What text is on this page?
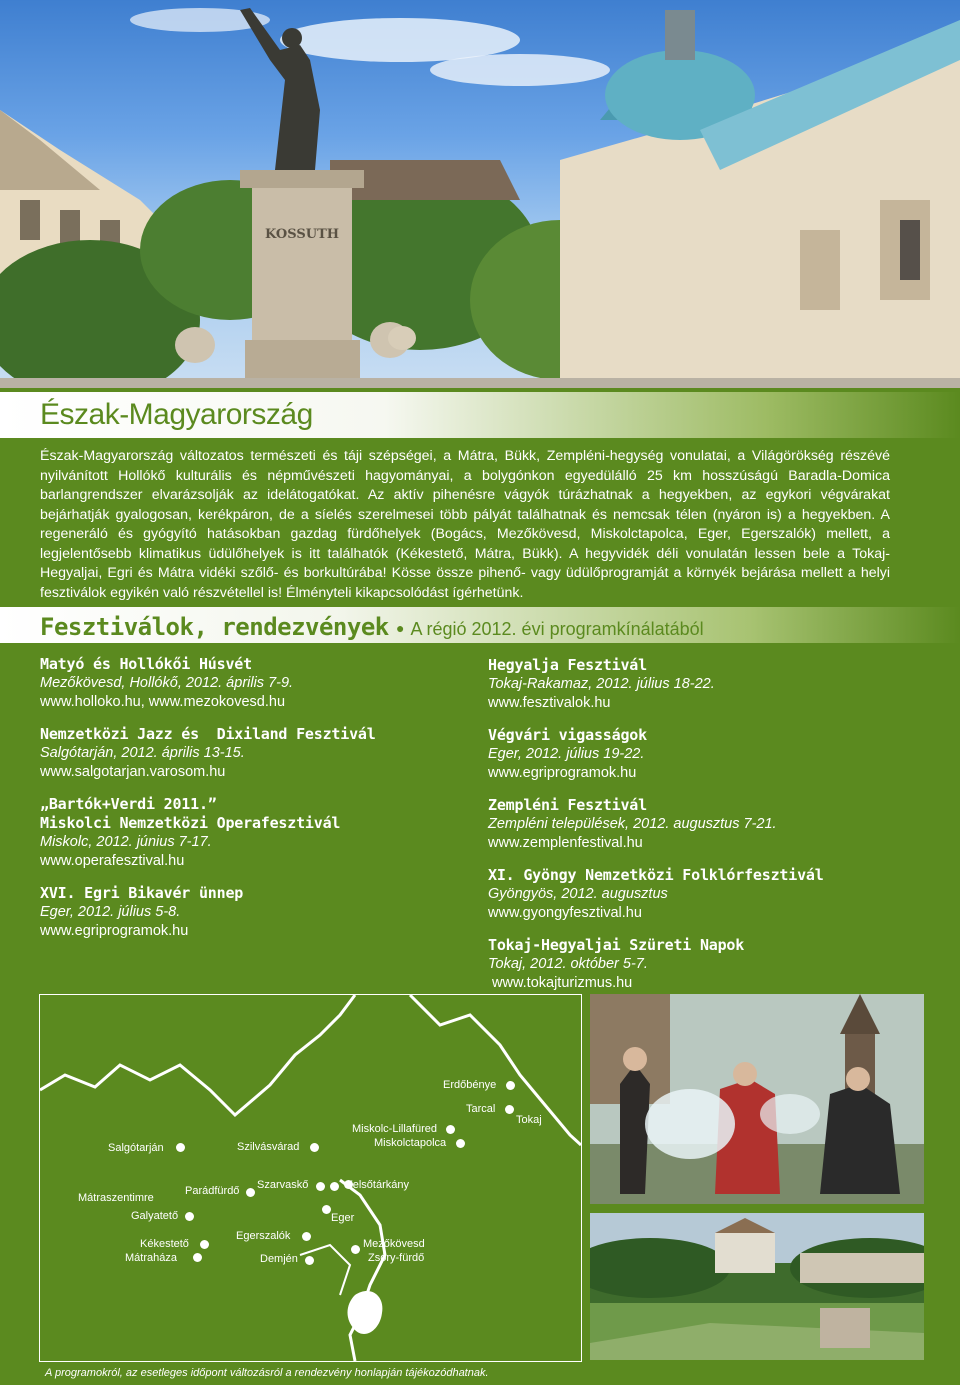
KOSSUTH
Észak-Magyarország

Észak-Magyarország változatos természeti és táji szépségei, a Mátra, Bükk, Zempléni-hegység vonulatai, a Világörökség részévé nyilvánított Hollókő kulturális és népművészeti hagyományai, a bolygónkon egyedülálló 25 km hosszúságú Baradla-Domica barlangrendszer elvarázsolják az idelátogatókat. Az aktív pihenésre vágyók túrázhatnak a hegyekben, az egykori végvárakat bejárhatják gyalogosan, kerékpáron, de a síelés szerelmesei több pályát találhatnak és nemcsak télen (nyáron is) a hegyekben. A regeneráló és gyógyító hatásokban gazdag fürdőhelyek (Bogács, Mezőkövesd, Miskolctapolca, Eger, Egerszalók) mellett, a legjelentősebb klimatikus üdülőhelyek is itt találhatók (Kékestető, Mátra, Bükk). A hegyvidék déli vonulatán lessen bele a Tokaj-Hegyaljai, Egri és Mátra vidéki szőlő- és borkultúrába! Kösse össze pihenő- vagy üdülőprogramját a környék bejárása mellett a helyi fesztiválok egyikén való részvétellel is! Élményteli kikapcsolódást ígérhetünk.

Fesztiválok, rendezvények ● A régió 2012. évi programkínálatából
Matyó és Hollókői Húsvét
Mezőkövesd, Hollókő, 2012. április 7-9.
www.holloko.hu, www.mezokovesd.hu
Nemzetközi Jazz és  Dixiland Fesztivál
Salgótarján, 2012. április 13-15.
www.salgotarjan.varosom.hu
„Bartók+Verdi 2011.”
Miskolci Nemzetközi Operafesztivál
Miskolc, 2012. június 7-17.
www.operafesztival.hu
XVI. Egri Bikavér ünnep
Eger, 2012. július 5-8.
www.egriprogramok.hu
Hegyalja Fesztivál
Tokaj-Rakamaz, 2012. július 18-22.
www.fesztivalok.hu
Végvári vigasságok
Eger, 2012. július 19-22.
www.egriprogramok.hu
Zempléni Fesztivál
Zempléni települések, 2012. augusztus 7-21.
www.zemplenfestival.hu
XI. Gyöngy Nemzetközi Folklórfesztivál
Gyöngyös, 2012. augusztus
www.gyongyfesztival.hu
Tokaj-Hegyaljai Szüreti Napok
Tokaj, 2012. október 5-7.
www.tokajturizmus.hu
Erdőbénye
Tarcal
Tokaj
Miskolc-Lillafüred
Miskolctapolca
Salgótarján	Szilvásvárad
Szarvaskő	Felsőtárkány
Parádfürdő
Mátraszentimre
Galyatető	Eger
Egerszalók
Kékestető
Mátraháza	Demjén
Mezőkövesd
Zsóry-fürdő

A programokról, az esetleges időpont változásról a rendezvény honlapján tájékozódhatnak.
